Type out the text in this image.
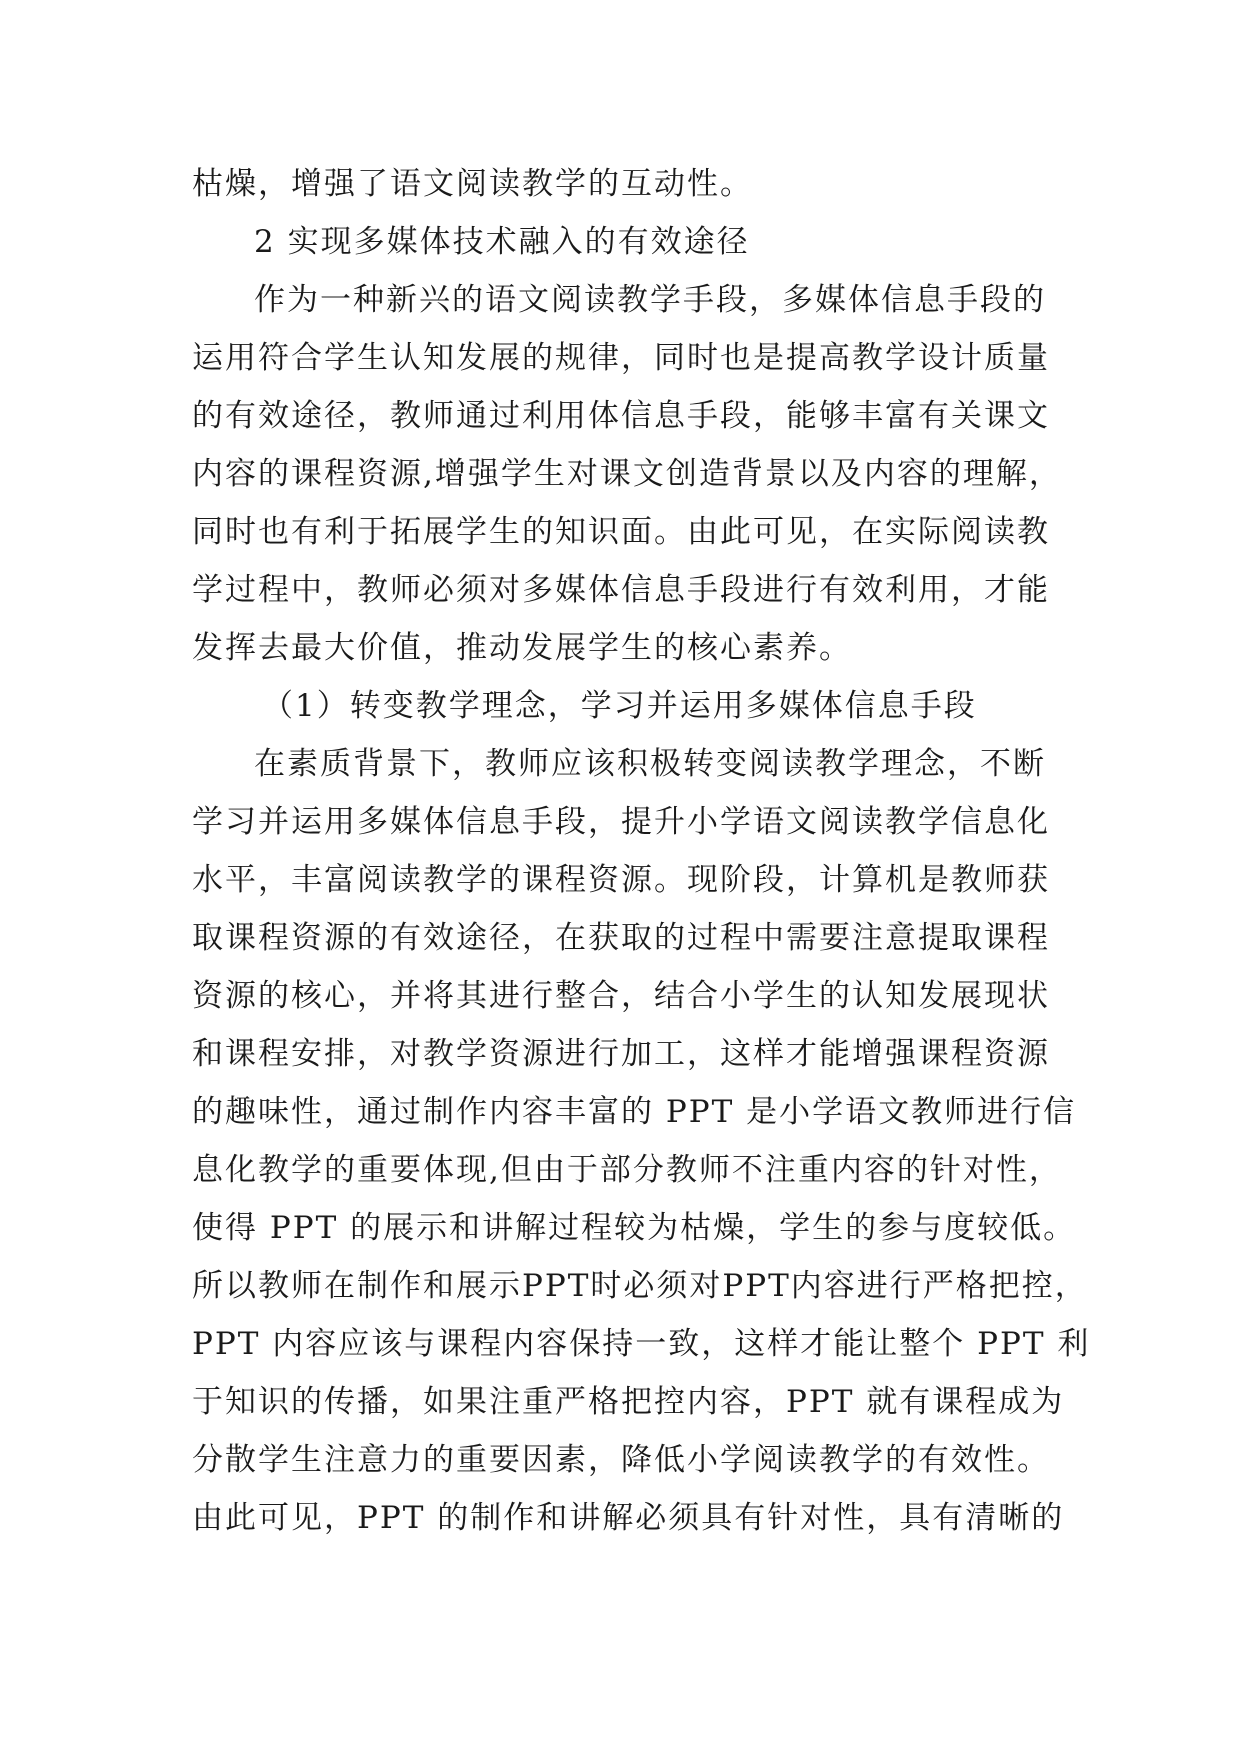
枯燥，增强了语文阅读教学的互动性。
2 实现多媒体技术融入的有效途径
作为一种新兴的语文阅读教学手段，多媒体信息手段的
运用符合学生认知发展的规律，同时也是提高教学设计质量
的有效途径，教师通过利用体信息手段，能够丰富有关课文
内容的课程资源,增强学生对课文创造背景以及内容的理解，
同时也有利于拓展学生的知识面。由此可见，在实际阅读教
学过程中，教师必须对多媒体信息手段进行有效利用，才能
发挥去最大价值，推动发展学生的核心素养。
（1）转变教学理念，学习并运用多媒体信息手段
在素质背景下，教师应该积极转变阅读教学理念，不断
学习并运用多媒体信息手段，提升小学语文阅读教学信息化
水平，丰富阅读教学的课程资源。现阶段，计算机是教师获
取课程资源的有效途径，在获取的过程中需要注意提取课程
资源的核心，并将其进行整合，结合小学生的认知发展现状
和课程安排，对教学资源进行加工，这样才能增强课程资源
的趣味性，通过制作内容丰富的 PPT 是小学语文教师进行信
息化教学的重要体现,但由于部分教师不注重内容的针对性，
使得 PPT 的展示和讲解过程较为枯燥，学生的参与度较低。
所以教师在制作和展示PPT时必须对PPT内容进行严格把控，
PPT 内容应该与课程内容保持一致，这样才能让整个 PPT 利
于知识的传播，如果注重严格把控内容，PPT 就有课程成为
分散学生注意力的重要因素，降低小学阅读教学的有效性。
由此可见，PPT 的制作和讲解必须具有针对性，具有清晰的
